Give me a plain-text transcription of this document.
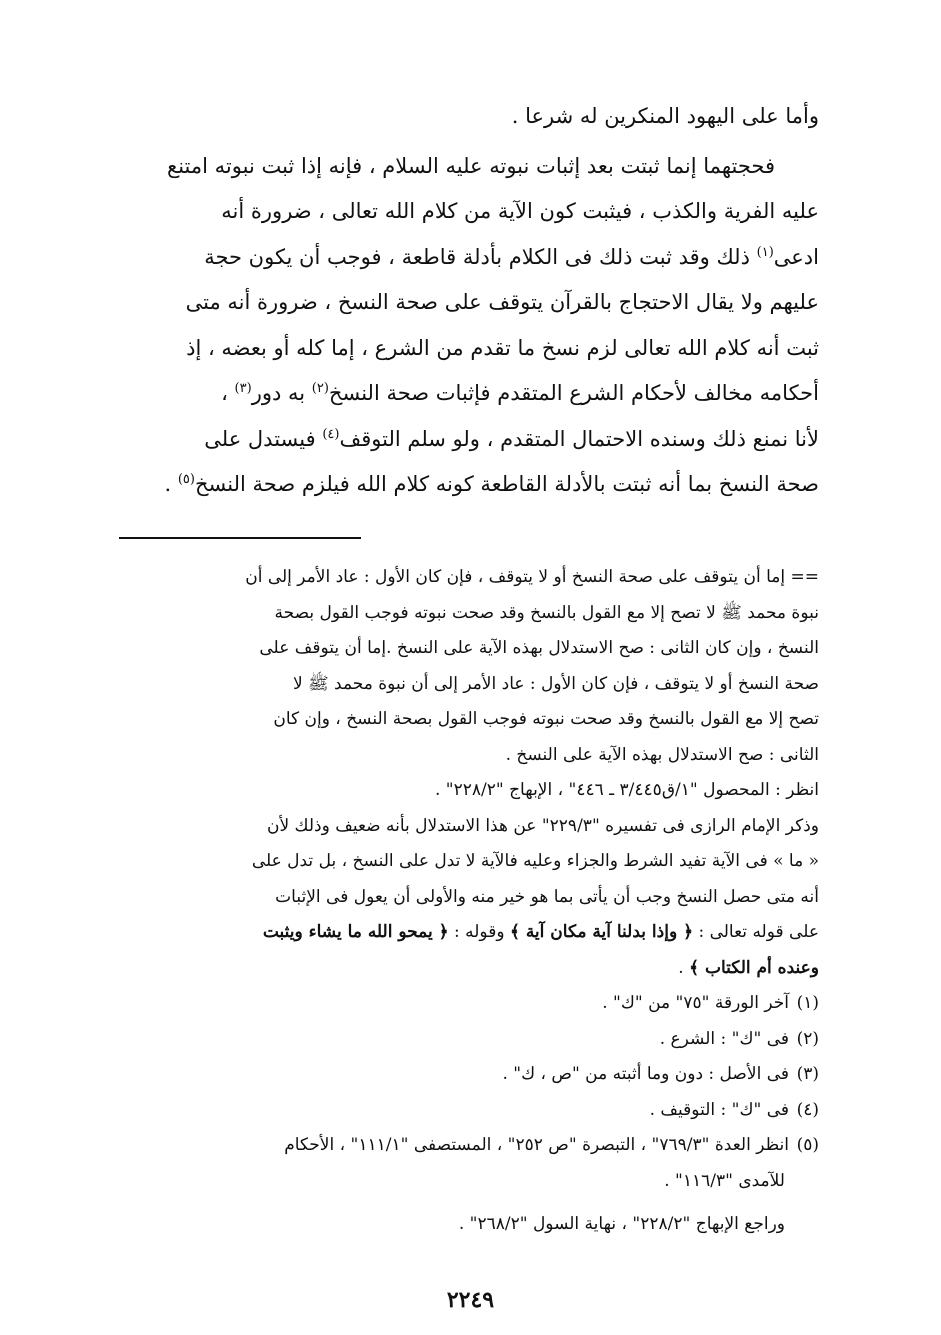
وأما على اليهود المنكرين له شرعا .

فحجتهما إنما ثبتت بعد إثبات نبوته عليه السلام ، فإنه إذا ثبت نبوته امتنع

عليه الفرية والكذب ، فيثبت كون الآية من كلام الله تعالى ، ضرورة أنه

ادعى$^{(١)}$ ذلك وقد ثبت ذلك فى الكلام بأدلة قاطعة ، فوجب أن يكون حجة

عليهم ولا يقال الاحتجاج بالقرآن يتوقف على صحة النسخ ، ضرورة أنه متى

ثبت أنه كلام الله تعالى لزم نسخ ما تقدم من الشرع ، إما كله أو بعضه ، إذ

أحكامه مخالف لأحكام الشرع المتقدم فإثبات صحة النسخ$^{(٢)}$ به دور$^{(٣)}$ ،

لأنا نمنع ذلك وسنده الاحتمال المتقدم ، ولو سلم التوقف$^{(٤)}$ فيستدل على

صحة النسخ بما أنه ثبتت بالأدلة القاطعة كونه كلام الله فيلزم صحة النسخ$^{(٥)}$ .

== إما أن يتوقف على صحة النسخ أو لا يتوقف ، فإن كان الأول : عاد الأمر إلى أن

نبوة محمد ﷺ لا تصح إلا مع القول بالنسخ وقد صحت نبوته فوجب القول بصحة

النسخ ، وإن كان الثانى : صح الاستدلال بهذه الآية على النسخ .إما أن يتوقف على

صحة النسخ أو لا يتوقف ، فإن كان الأول : عاد الأمر إلى أن نبوة محمد ﷺ لا

تصح إلا مع القول بالنسخ وقد صحت نبوته فوجب القول بصحة النسخ ، وإن كان

الثانى : صح الاستدلال بهذه الآية على النسخ .

انظر : المحصول "١/ق٣/٤٤٥ ـ ٤٤٦" ، الإبهاج "٢٢٨/٢" .

وذكر الإمام الرازى فى تفسيره "٢٢٩/٣" عن هذا الاستدلال بأنه ضعيف وذلك لأن

« ما » فى الآية تفيد الشرط والجزاء وعليه فالآية لا تدل على النسخ ، بل تدل على

أنه متى حصل النسخ وجب أن يأتى بما هو خير منه والأولى أن يعول فى الإثبات

على قوله تعالى : ﴿ وإذا بدلنا آية مكان آية ﴾ وقوله : ﴿ يمحو الله ما يشاء ويثبت

وعنده أم الكتاب ﴾ .

(١)
آخر الورقة "٧٥" من "ك" .
(٢)
فى "ك" : الشرع .
(٣)
فى الأصل : دون وما أثبته من "ص ، ك" .
(٤)
فى "ك" : التوقيف .
(٥)
انظر العدة "٧٦٩/٣" ، التبصرة "ص ٢٥٢" ، المستصفى "١١١/١" ، الأحكام

للآمدى "١١٦/٣" .

وراجع الإبهاج "٢٢٨/٢" ، نهاية السول "٢٦٨/٢" .

٢٢٤٩
